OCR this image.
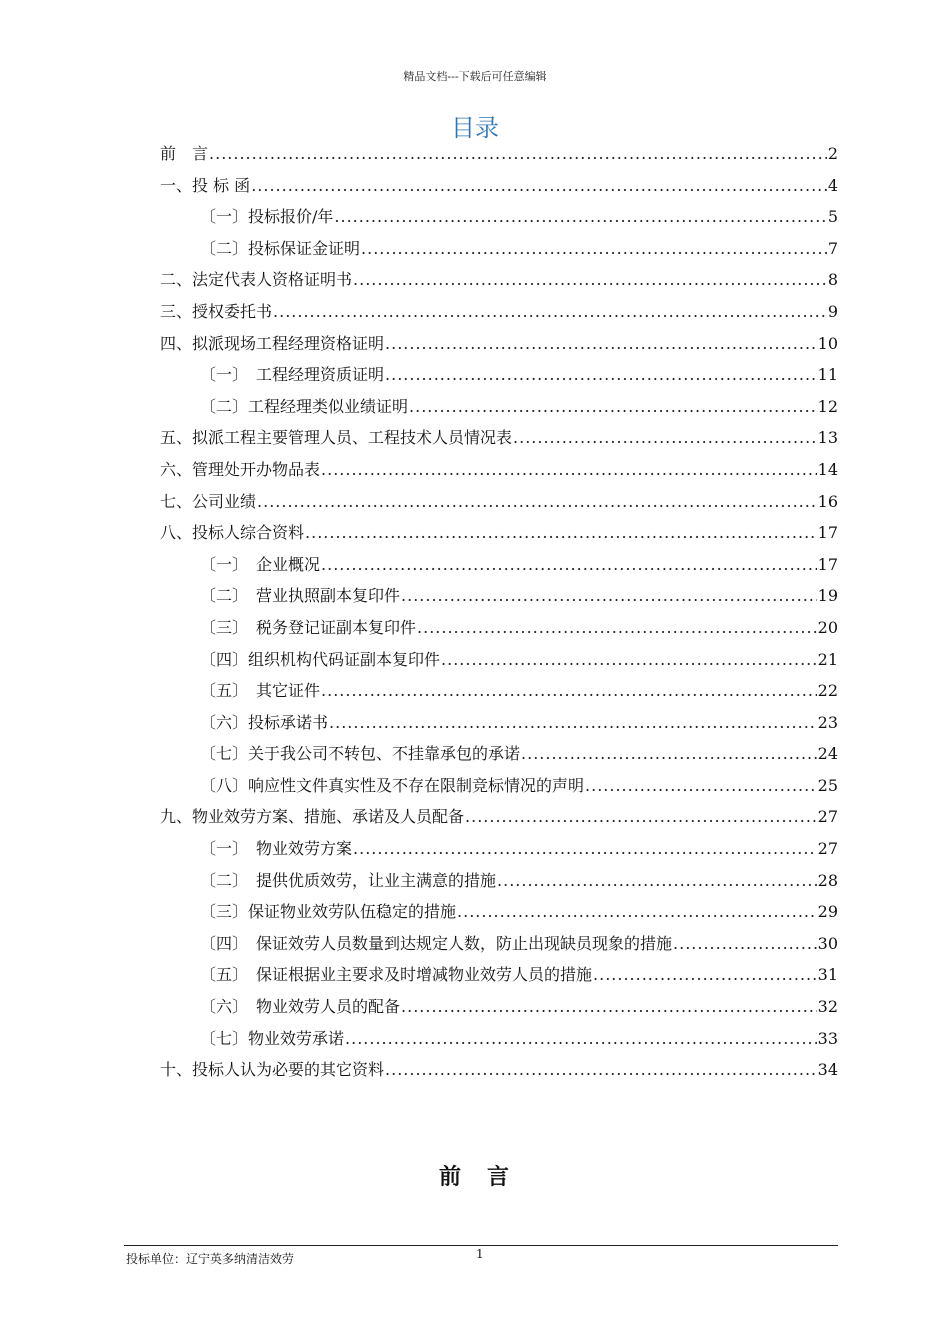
精品文档---下载后可任意编辑
目录
前　言 .....	2
一、投 标 函 .....	4
〔一〕投标报价/年 .....	5
〔二〕投标保证金证明 .....	7
二、法定代表人资格证明书 .....	8
三、授权委托书 .....	9
四、拟派现场工程经理资格证明 .....	10
〔一〕　工程经理资质证明 .....	11
〔二〕工程经理类似业绩证明 .....	12
五、拟派工程主要管理人员、工程技术人员情况表 .....	13
六、管理处开办物品表 .....	14
七、公司业绩 .....	16
八、投标人综合资料 .....	17
〔一〕　企业概况 .....	17
〔二〕　营业执照副本复印件 .....	19
〔三〕　税务登记证副本复印件 .....	20
〔四〕组织机构代码证副本复印件 .....	21
〔五〕　其它证件 .....	22
〔六〕投标承诺书 .....	23
〔七〕关于我公司不转包、不挂靠承包的承诺 .....	24
〔八〕响应性文件真实性及不存在限制竞标情况的声明 .....	25
九、物业效劳方案、措施、承诺及人员配备 .....	27
〔一〕　物业效劳方案 .....	27
〔二〕　提供优质效劳，让业主满意的措施 .....	28
〔三〕保证物业效劳队伍稳定的措施 .....	29
〔四〕　保证效劳人员数量到达规定人数，防止出现缺员现象的措施 .....	30
〔五〕　保证根据业主要求及时增减物业效劳人员的措施 .....	31
〔六〕　物业效劳人员的配备 .....	32
〔七〕物业效劳承诺 .....	33
十、投标人认为必要的其它资料 .....	34
前　言
投标单位：辽宁英多纳清洁效劳	1
